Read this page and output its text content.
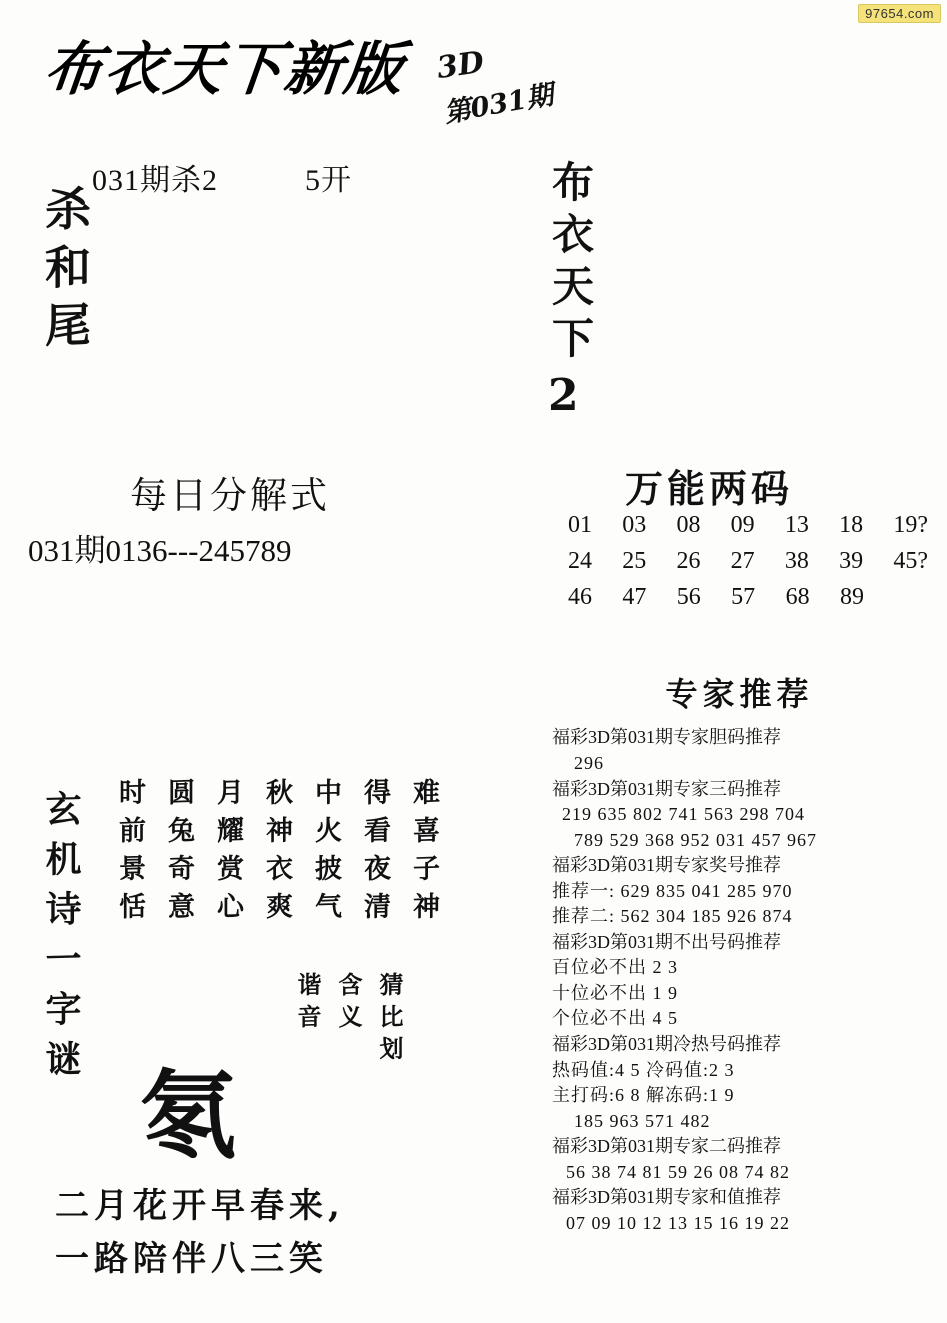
97654.com
布衣天下新版 3D
第031期
031期杀2	5开
杀和尾
每日分解式
031期0136---245789
布衣天下
2
万能两码
01 03 08 09 13 18 19?
24 25 26 27 38 39 45?
46 47 56 57 68 89
玄机诗一字谜	难喜子神
得看夜清
中火披气
秋神衣爽
月耀赏心
圆兔奇意
时前景恬
氡
猜比划
含义
谐音
二月花开早春来,
一路陪伴八三笑
专家推荐
福彩3D第031期专家胆码推荐
296
福彩3D第031期专家三码推荐
219 635 802 741 563 298 704
789 529 368 952 031 457 967
福彩3D第031期专家奖号推荐
推荐一: 629 835 041 285 970
推荐二: 562 304 185 926 874
福彩3D第031期不出号码推荐
百位必不出 2 3
十位必不出 1 9
个位必不出 4 5
福彩3D第031期冷热号码推荐
热码值:4 5 冷码值:2 3
主打码:6 8 解冻码:1 9
185 963 571 482
福彩3D第031期专家二码推荐
56 38 74 81 59 26 08 74 82
福彩3D第031期专家和值推荐
07 09 10 12 13 15 16 19 22
